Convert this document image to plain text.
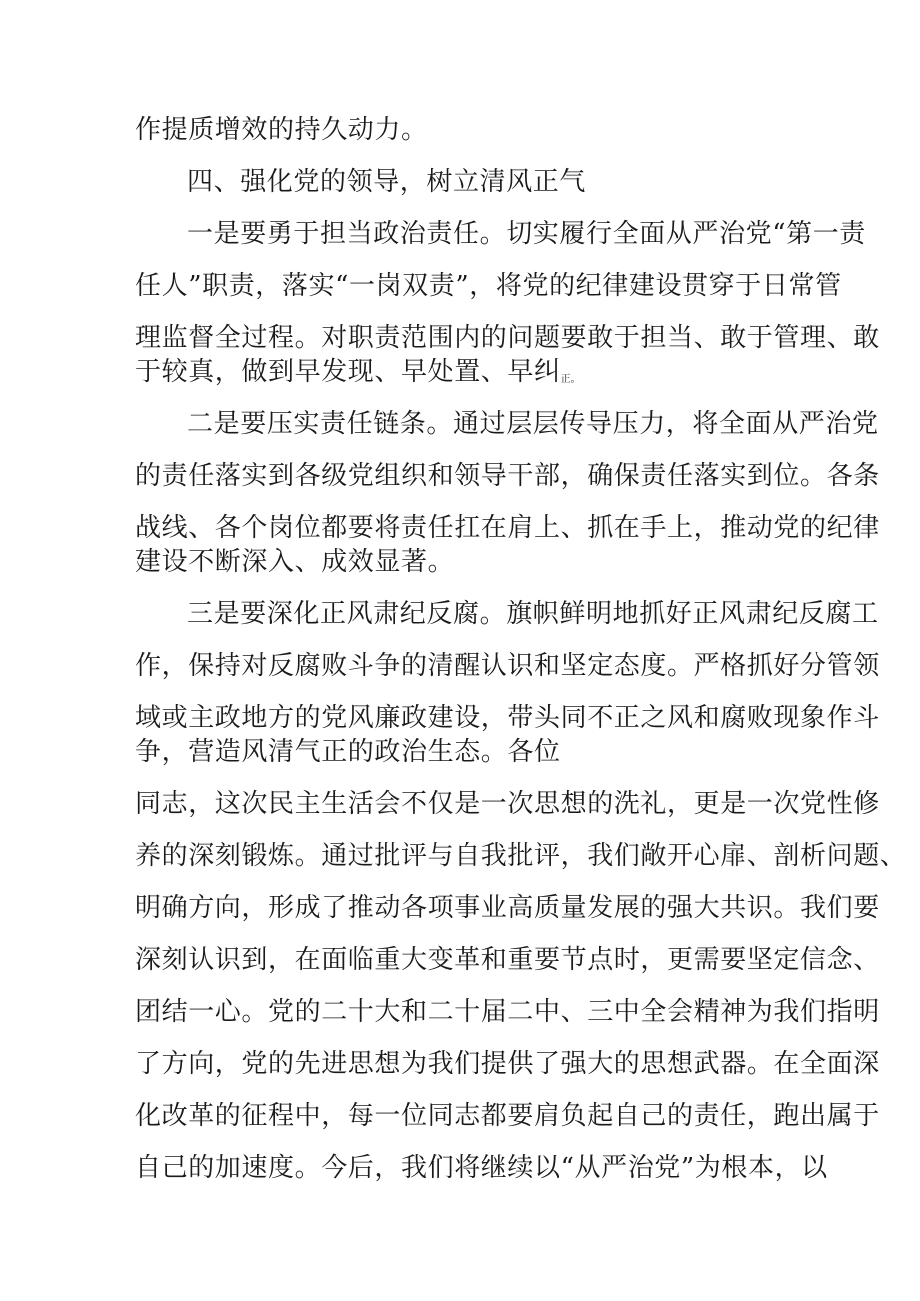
作提质增效的持久动力。
四、强化党的领导，树立清风正气
一是要勇于担当政治责任。切实履行全面从严治党“第一责
任人”职责，落实“一岗双责”，将党的纪律建设贯穿于日常管
理监督全过程。对职责范围内的问题要敢于担当、敢于管理、敢
于较真，做到早发现、早处置、早纠正。
二是要压实责任链条。通过层层传导压力，将全面从严治党
的责任落实到各级党组织和领导干部，确保责任落实到位。各条
战线、各个岗位都要将责任扛在肩上、抓在手上，推动党的纪律
建设不断深入、成效显著。
三是要深化正风肃纪反腐。旗帜鲜明地抓好正风肃纪反腐工
作，保持对反腐败斗争的清醒认识和坚定态度。严格抓好分管领
域或主政地方的党风廉政建设，带头同不正之风和腐败现象作斗
争，营造风清气正的政治生态。各位
同志，这次民主生活会不仅是一次思想的洗礼，更是一次党性修
养的深刻锻炼。通过批评与自我批评，我们敞开心扉、剖析问题、
明确方向，形成了推动各项事业高质量发展的强大共识。我们要
深刻认识到，在面临重大变革和重要节点时，更需要坚定信念、
团结一心。党的二十大和二十届二中、三中全会精神为我们指明
了方向，党的先进思想为我们提供了强大的思想武器。在全面深
化改革的征程中，每一位同志都要肩负起自己的责任，跑出属于
自己的加速度。今后，我们将继续以“从严治党”为根本，以
